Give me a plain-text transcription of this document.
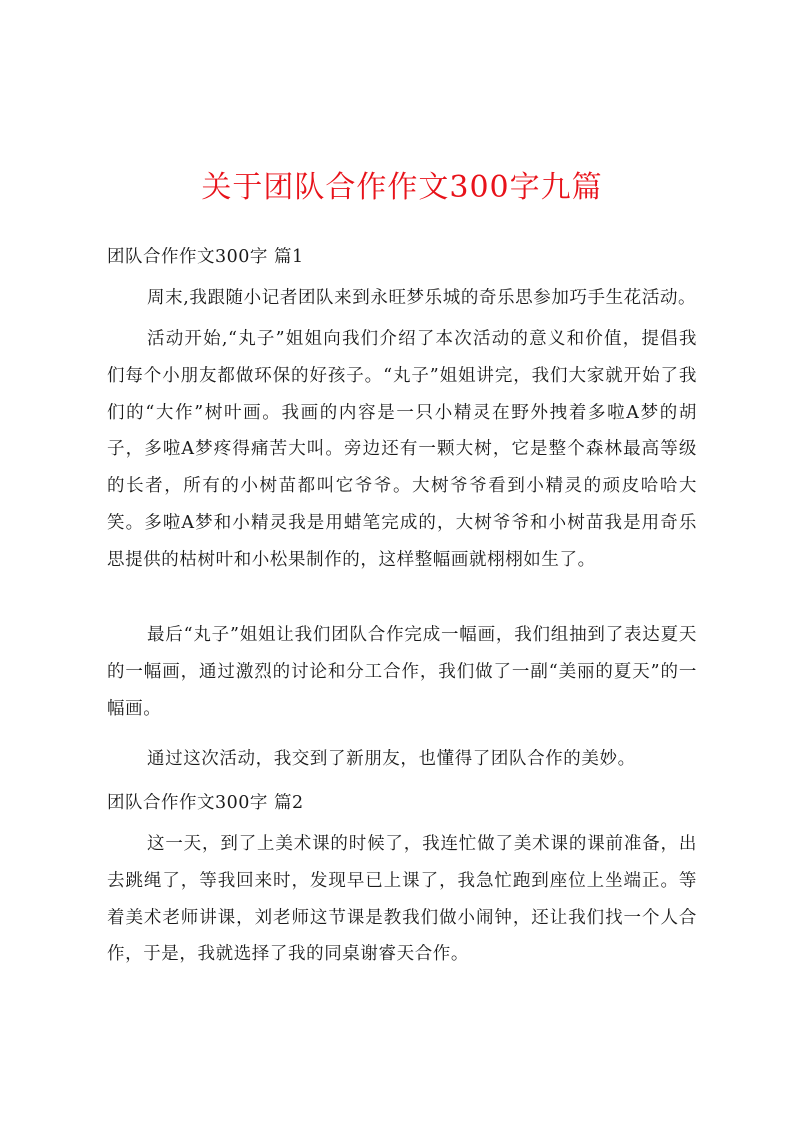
关于团队合作作文300字九篇
团队合作作文300字 篇1

周末,我跟随小记者团队来到永旺梦乐城的奇乐思参加巧手生花活动。

活动开始,“丸子”姐姐向我们介绍了本次活动的意义和价值，提倡我们每个小朋友都做环保的好孩子。“丸子”姐姐讲完，我们大家就开始了我们的“大作”树叶画。我画的内容是一只小精灵在野外拽着多啦A梦的胡子，多啦A梦疼得痛苦大叫。旁边还有一颗大树，它是整个森林最高等级的长者，所有的小树苗都叫它爷爷。大树爷爷看到小精灵的顽皮哈哈大笑。多啦A梦和小精灵我是用蜡笔完成的，大树爷爷和小树苗我是用奇乐思提供的枯树叶和小松果制作的，这样整幅画就栩栩如生了。

最后“丸子”姐姐让我们团队合作完成一幅画，我们组抽到了表达夏天的一幅画，通过激烈的讨论和分工合作，我们做了一副“美丽的夏天”的一幅画。

通过这次活动，我交到了新朋友，也懂得了团队合作的美妙。

团队合作作文300字 篇2

这一天，到了上美术课的时候了，我连忙做了美术课的课前准备，出去跳绳了，等我回来时，发现早已上课了，我急忙跑到座位上坐端正。等着美术老师讲课，刘老师这节课是教我们做小闹钟，还让我们找一个人合作，于是，我就选择了我的同桌谢睿天合作。
